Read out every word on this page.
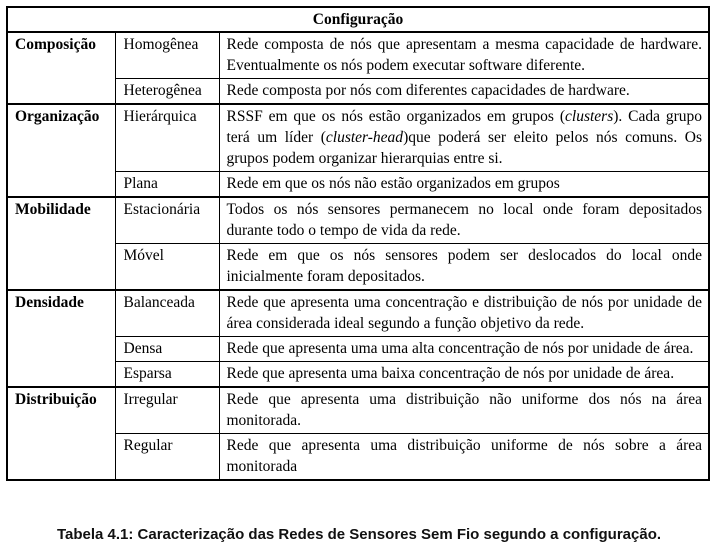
Configuração		
Composição	Homogênea	Rede composta de nós que apresentam a mesma capacidade de hardware. Eventualmente os nós podem executar software diferente.
	Heterogênea	Rede composta por nós com diferentes capacidades de hardware.
Organização	Hierárquica	RSSF em que os nós estão organizados em grupos (clusters). Cada grupo terá um líder (cluster-head)que poderá ser eleito pelos nós comuns. Os grupos podem organizar hierarquias entre si.
	Plana	Rede em que os nós não estão organizados em grupos
Mobilidade	Estacionária	Todos os nós sensores permanecem no local onde foram depositados durante todo o tempo de vida da rede.
	Móvel	Rede em que os nós sensores podem ser deslocados do local onde inicialmente foram depositados.
Densidade	Balanceada	Rede que apresenta uma concentração e distribuição de nós por unidade de área considerada ideal segundo a função objetivo da rede.
	Densa	Rede que apresenta uma uma alta concentração de nós por unidade de área.
	Esparsa	Rede que apresenta uma baixa concentração de nós por unidade de área.
Distribuição	Irregular	Rede que apresenta uma distribuição não uniforme dos nós na área monitorada.
	Regular	Rede que apresenta uma distribuição uniforme de nós sobre a área monitorada
Tabela 4.1: Caracterização das Redes de Sensores Sem Fio segundo a configuração.
